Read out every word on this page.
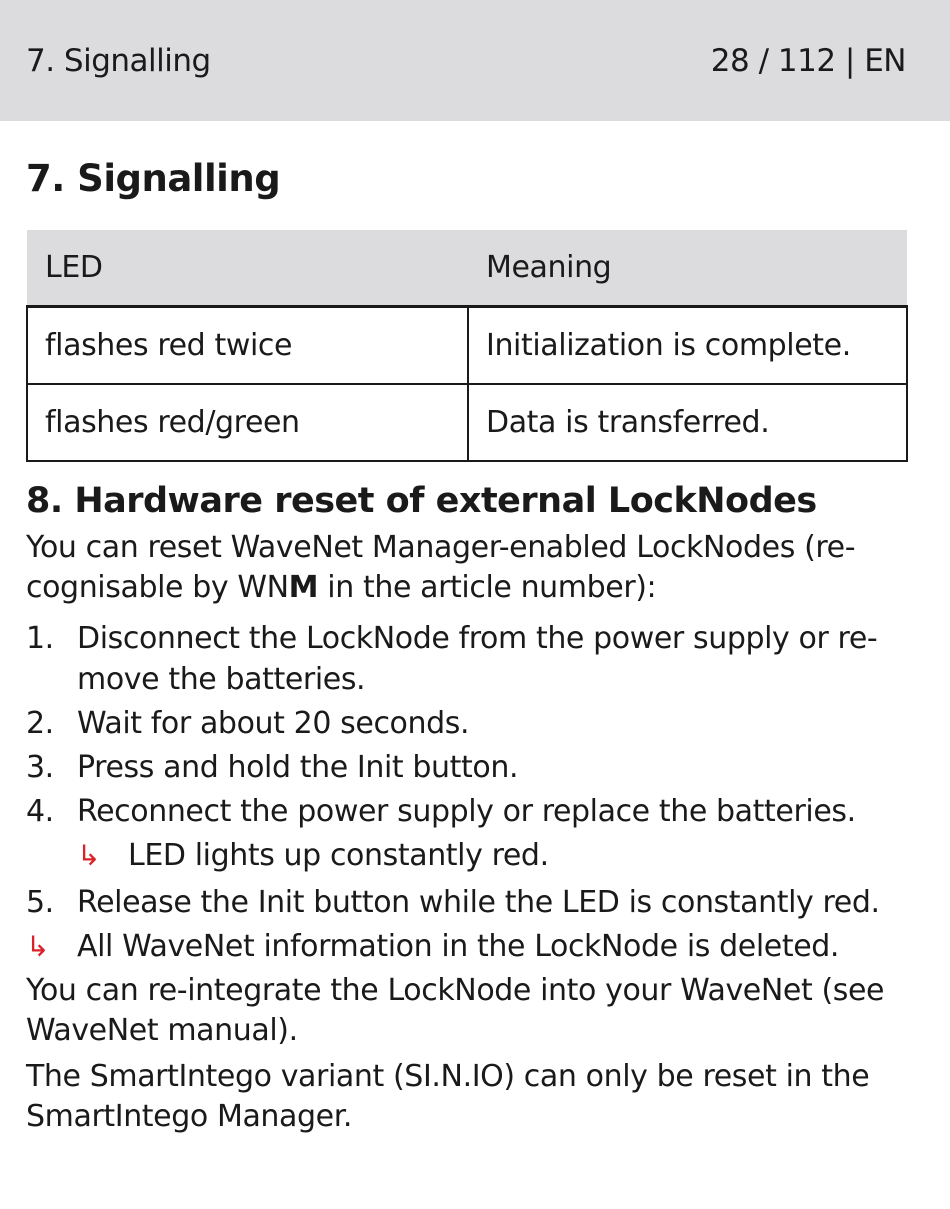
7. Signalling	28 / 112 | EN
7. Signalling
LED	Meaning
flashes red twice	Initialization is complete.
flashes red/green	Data is transferred.
8. Hardware reset of external LockNodes

You can reset WaveNet Manager-enabled LockNodes (re-cognisable by WNM in the article number):

1. Disconnect the LockNode from the power supply or re-move the batteries.
2. Wait for about 20 seconds.
3. Press and hold the Init button.
4. Reconnect the power supply or replace the batteries.
↳ LED lights up constantly red.
5. Release the Init button while the LED is constantly red.
↳ All WaveNet information in the LockNode is deleted.

You can re-integrate the LockNode into your WaveNet (see WaveNet manual).

The SmartIntego variant (SI.N.IO) can only be reset in the SmartIntego Manager.
